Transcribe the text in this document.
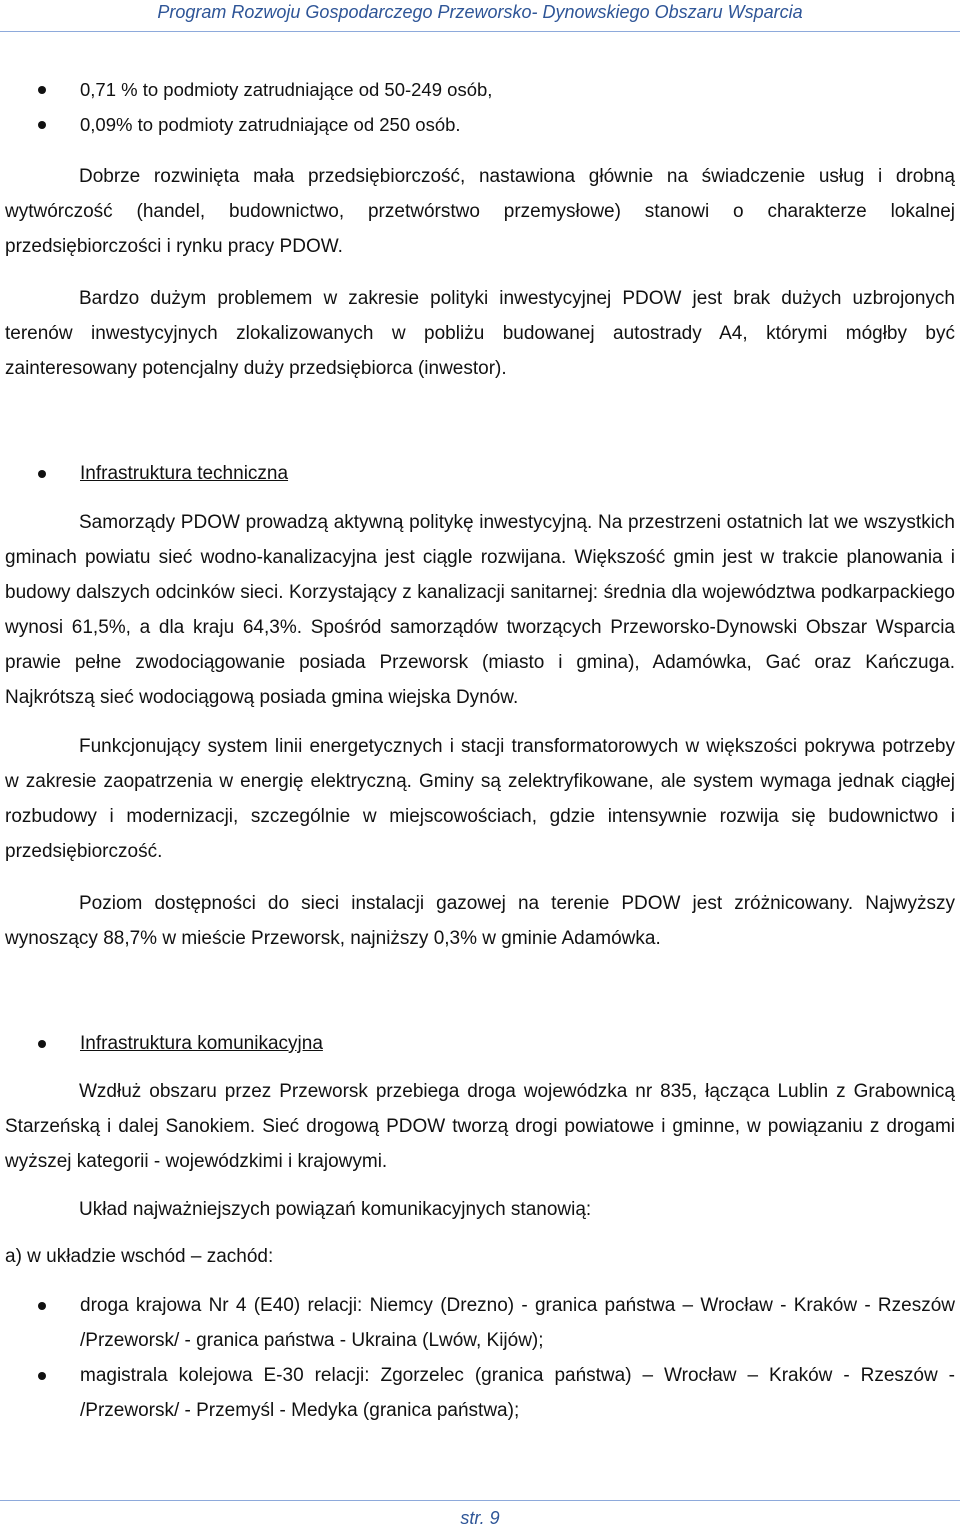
Program Rozwoju Gospodarczego Przeworsko- Dynowskiego Obszaru Wsparcia
0,71 % to podmioty zatrudniające od 50-249 osób,
0,09% to podmioty zatrudniające od 250 osób.

Dobrze rozwinięta mała przedsiębiorczość, nastawiona głównie na świadczenie usług i drobną wytwórczość (handel, budownictwo, przetwórstwo przemysłowe) stanowi o charakterze lokalnej przedsiębiorczości i rynku pracy PDOW.

Bardzo dużym problemem w zakresie polityki inwestycyjnej PDOW jest brak dużych uzbrojonych terenów inwestycyjnych zlokalizowanych w pobliżu budowanej autostrady A4, którymi mógłby być zainteresowany potencjalny duży przedsiębiorca (inwestor).

Infrastruktura techniczna

Samorządy PDOW prowadzą aktywną politykę inwestycyjną. Na przestrzeni ostatnich lat we wszystkich gminach powiatu sieć wodno-kanalizacyjna jest ciągle rozwijana. Większość gmin jest w trakcie planowania i budowy dalszych odcinków sieci. Korzystający z kanalizacji sanitarnej: średnia dla województwa podkarpackiego wynosi 61,5%, a dla kraju 64,3%. Spośród samorządów tworzących Przeworsko-Dynowski Obszar Wsparcia prawie pełne zwodociągowanie posiada Przeworsk (miasto i gmina), Adamówka, Gać oraz Kańczuga. Najkrótszą sieć wodociągową posiada gmina wiejska Dynów.

Funkcjonujący system linii energetycznych i stacji transformatorowych w większości pokrywa potrzeby w zakresie zaopatrzenia w energię elektryczną. Gminy są zelektryfikowane, ale system wymaga jednak ciągłej rozbudowy i modernizacji, szczególnie w miejscowościach, gdzie intensywnie rozwija się budownictwo i przedsiębiorczość.

Poziom dostępności do sieci instalacji gazowej na terenie PDOW jest zróżnicowany. Najwyższy wynoszący 88,7% w mieście Przeworsk, najniższy 0,3% w gminie Adamówka.

Infrastruktura komunikacyjna

Wzdłuż obszaru przez Przeworsk przebiega droga wojewódzka nr 835, łącząca Lublin z Grabownicą Starzeńską i dalej Sanokiem. Sieć drogową PDOW tworzą drogi powiatowe i gminne, w powiązaniu z drogami wyższej kategorii - wojewódzkimi i krajowymi.

Układ najważniejszych powiązań komunikacyjnych stanowią:

a) w układzie wschód – zachód:
droga krajowa Nr 4 (E40) relacji: Niemcy (Drezno) - granica państwa – Wrocław - Kraków - Rzeszów /Przeworsk/ - granica państwa - Ukraina (Lwów, Kijów);
magistrala kolejowa E-30 relacji: Zgorzelec (granica państwa) – Wrocław – Kraków - Rzeszów - /Przeworsk/ - Przemyśl - Medyka (granica państwa);
str. 9
